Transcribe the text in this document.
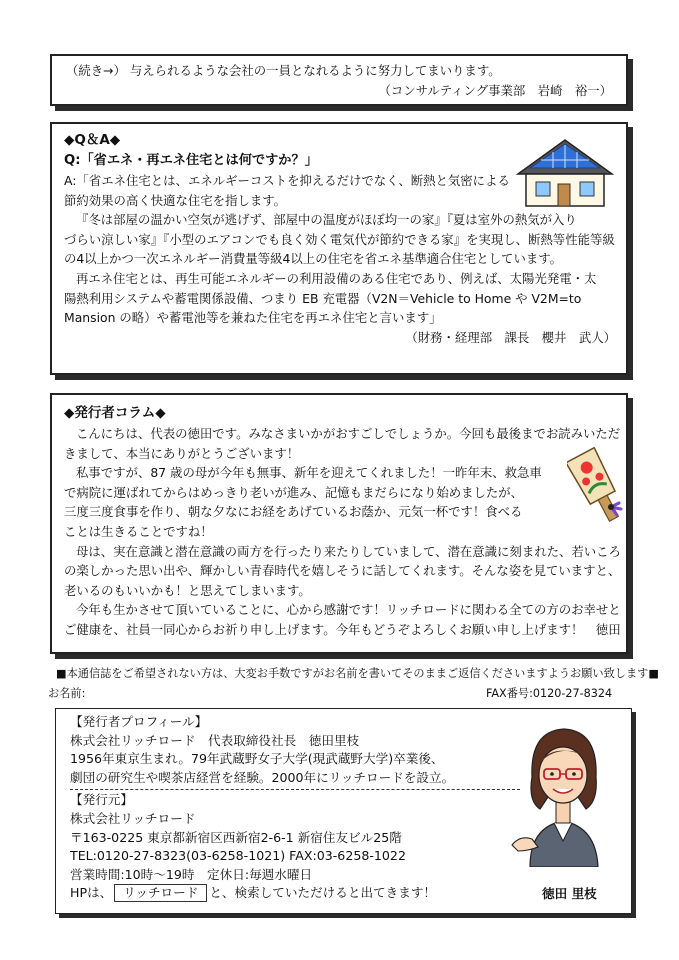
（続き→） 与えられるような会社の一員となれるように努力してまいります。

（コンサルティング事業部　岩崎　裕一）

◆Q＆A◆

Q:「省エネ・再エネ住宅とは何ですか？」

A:「省エネ住宅とは、エネルギーコストを抑えるだけでなく、断熱と気密による

節約効果の高く快適な住宅を指します。

『冬は部屋の温かい空気が逃げず、部屋中の温度がほぼ均一の家』『夏は室外の熱気が入り

づらい涼しい家』『小型のエアコンでも良く効く電気代が節約できる家』を実現し、断熱等性能等級

の4以上かつ一次エネルギー消費量等級4以上の住宅を省エネ基準適合住宅としています。

再エネ住宅とは、再生可能エネルギーの利用設備のある住宅であり、例えば、太陽光発電・太

陽熱利用システムや蓄電関係設備、つまり EB 充電器（V2N＝Vehicle to Home や V2M=to

Mansion の略）や蓄電池等を兼ねた住宅を再エネ住宅と言います」

（財務・経理部　課長　櫻井　武人）

◆発行者コラム◆

こんにちは、代表の徳田です。みなさまいかがおすごしでしょうか。今回も最後までお読みいただ

きまして、本当にありがとうございます！

私事ですが、87 歳の母が今年も無事、新年を迎えてくれました！一昨年末、救急車

で病院に運ばれてからはめっきり老いが進み、記憶もまだらになり始めましたが、

三度三度食事を作り、朝な夕なにお経をあげているお蔭か、元気一杯です！食べる

ことは生きることですね！

母は、実在意識と潜在意識の両方を行ったり来たりしていまして、潜在意識に刻まれた、若いころ

の楽しかった思い出や、輝かしい青春時代を嬉しそうに話してくれます。そんな姿を見ていますと、

老いるのもいいかも！と思えてしまいます。

今年も生かさせて頂いていることに、心から感謝です！リッチロードに関わる全ての方のお幸せと

ご健康を、社員一同心からお祈り申し上げます。今年もどうぞよろしくお願い申し上げます！　徳田

■本通信誌をご希望されない方は、大変お手数ですがお名前を書いてそのままご返信くださいますようお願い致します■
お名前:	FAX番号:0120-27-8324

【発行者プロフィール】

株式会社リッチロード　代表取締役社長　徳田里枝

1956年東京生まれ。79年武蔵野女子大学(現武蔵野大学)卒業後、

劇団の研究生や喫茶店経営を経験。2000年にリッチロードを設立。

【発行元】

株式会社リッチロード

〒163-0225 東京都新宿区西新宿2-6-1 新宿住友ビル25階

TEL:0120-27-8323(03-6258-1021) FAX:03-6258-1022

営業時間:10時～19時　定休日:毎週水曜日

HPは、 リッチロード と、検索していただけると出てきます！	徳田 里枝
